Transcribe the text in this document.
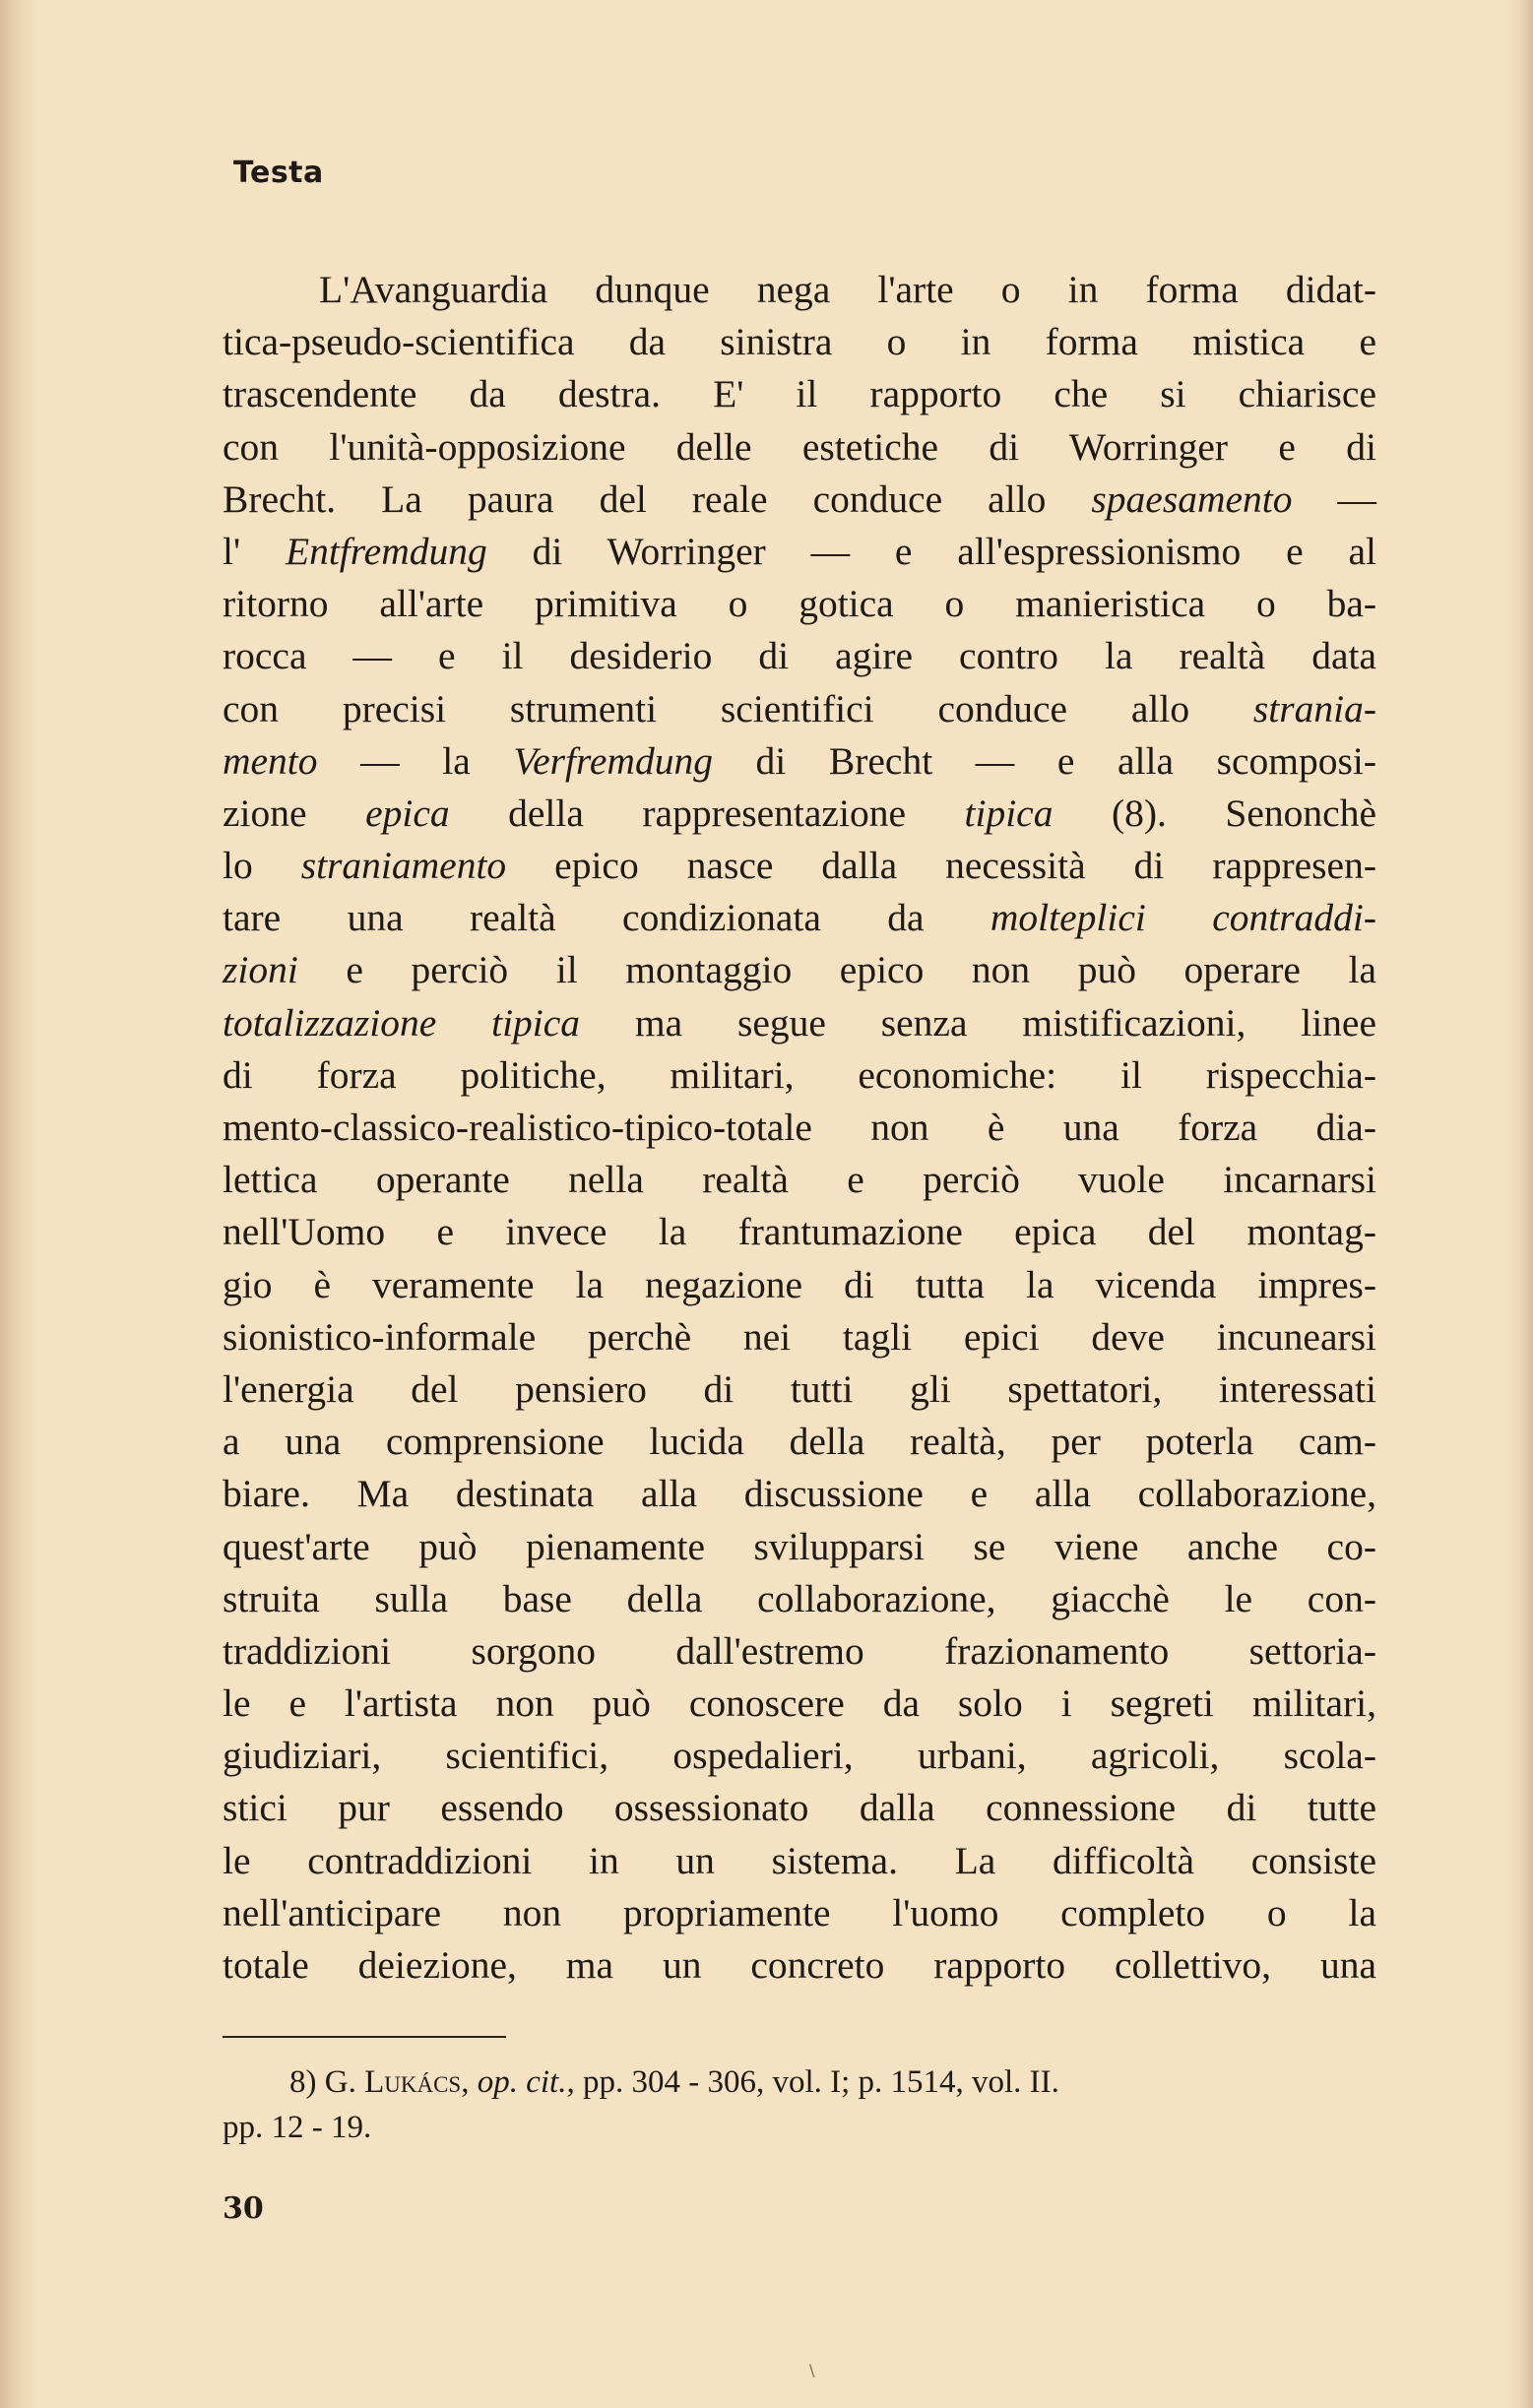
Testa
L'Avanguardia dunque nega l'arte o in forma didat-
tica-pseudo-scientifica da sinistra o in forma mistica e
trascendente da destra. E' il rapporto che si chiarisce
con l'unità-opposizione delle estetiche di Worringer e di
Brecht. La paura del reale conduce allo spaesamento —
l' Entfremdung di Worringer — e all'espressionismo e al
ritorno all'arte primitiva o gotica o manieristica o ba-
rocca — e il desiderio di agire contro la realtà data
con precisi strumenti scientifici conduce allo strania-
mento — la Verfremdung di Brecht — e alla scomposi-
zione epica della rappresentazione tipica (8). Senonchè
lo straniamento epico nasce dalla necessità di rappresen-
tare una realtà condizionata da molteplici contraddi-
zioni e perciò il montaggio epico non può operare la
totalizzazione tipica ma segue senza mistificazioni, linee
di forza politiche, militari, economiche: il rispecchia-
mento-classico-realistico-tipico-totale non è una forza dia-
lettica operante nella realtà e perciò vuole incarnarsi
nell'Uomo e invece la frantumazione epica del montag-
gio è veramente la negazione di tutta la vicenda impres-
sionistico-informale perchè nei tagli epici deve incunearsi
l'energia del pensiero di tutti gli spettatori, interessati
a una comprensione lucida della realtà, per poterla cam-
biare. Ma destinata alla discussione e alla collaborazione,
quest'arte può pienamente svilupparsi se viene anche co-
struita sulla base della collaborazione, giacchè le con-
traddizioni sorgono dall'estremo frazionamento settoria-
le e l'artista non può conoscere da solo i segreti militari,
giudiziari, scientifici, ospedalieri, urbani, agricoli, scola-
stici pur essendo ossessionato dalla connessione di tutte
le contraddizioni in un sistema. La difficoltà consiste
nell'anticipare non propriamente l'uomo completo o la
totale deiezione, ma un concreto rapporto collettivo, una
8) G. Lukács, op. cit., pp. 304 - 306, vol. I; p. 1514, vol. II.
pp. 12 - 19.
30
\
